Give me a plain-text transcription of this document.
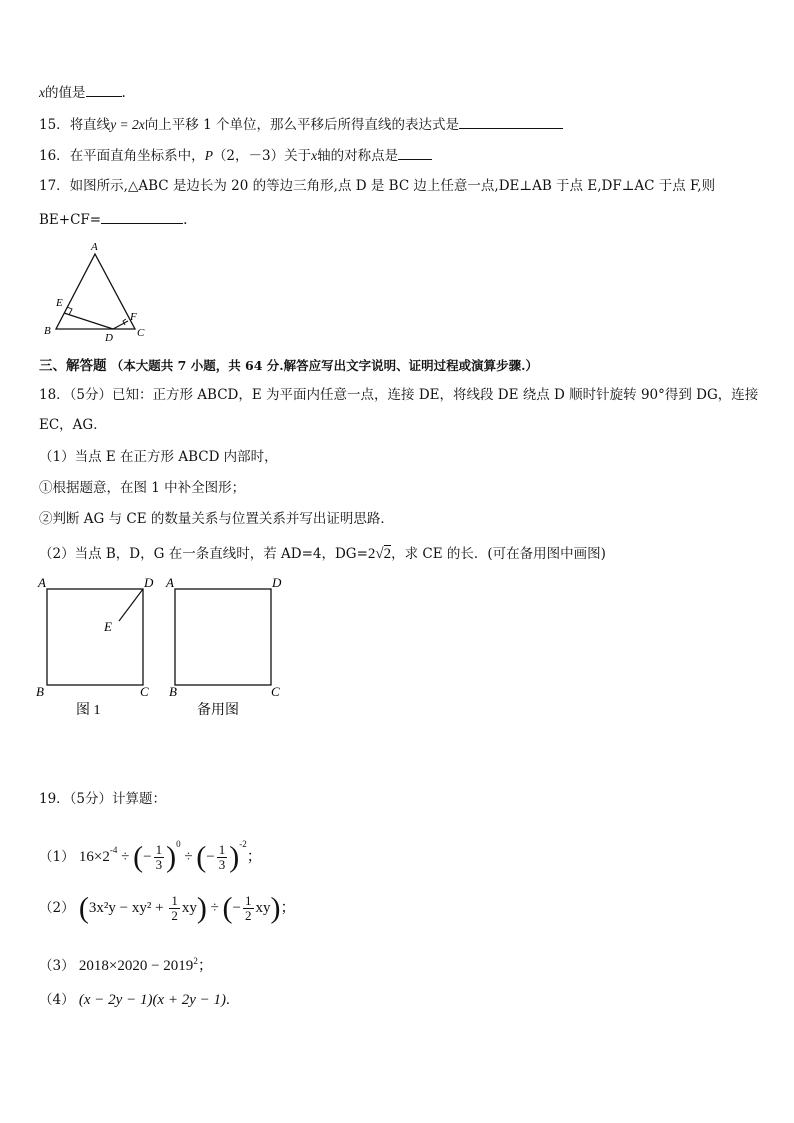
x的值是	.
15．将直线y = 2x向上平移 1 个单位，那么平移后所得直线的表达式是
16．在平面直角坐标系中，P（2，－3）关于x轴的对称点是
17．如图所示,△ABC 是边长为 20 的等边三角形,点 D 是 BC 边上任意一点,DE⊥AB 于点 E,DF⊥AC 于点 F,则
BE+CF=	.
A
B	C
D
E
F
三、解答题 （本大题共 7 小题，共 64 分.解答应写出文字说明、证明过程或演算步骤.）
18．（5分）已知：正方形 ABCD，E 为平面内任意一点，连接 DE，将线段 DE 绕点 D 顺时针旋转 90°得到 DG，连接
EC，AG．
（1）当点 E 在正方形 ABCD 内部时，
①根据题意，在图 1 中补全图形；
②判断 AG 与 CE 的数量关系与位置关系并写出证明思路．
（2）当点 B，D，G 在一条直线时，若 AD=4，DG=2√2，求 CE 的长．(可在备用图中画图)
A	D
B	C
E
图 1
A	D
B	C
备用图
19．（5分）计算题：
（1） $16\times 2^{-4}$ ÷ (− $\frac{1}{3} )^0$ ÷ (− $\frac{1}{3} )^{-2}$；
（2） $(3x^2y - xy^2 + \frac{1}{2} xy)$ ÷ (− $\frac{1}{2} xy$)；
（3） $2018\times 2020 - 2019^2$；
（4） (x − 2y − 1)(x + 2y − 1).
